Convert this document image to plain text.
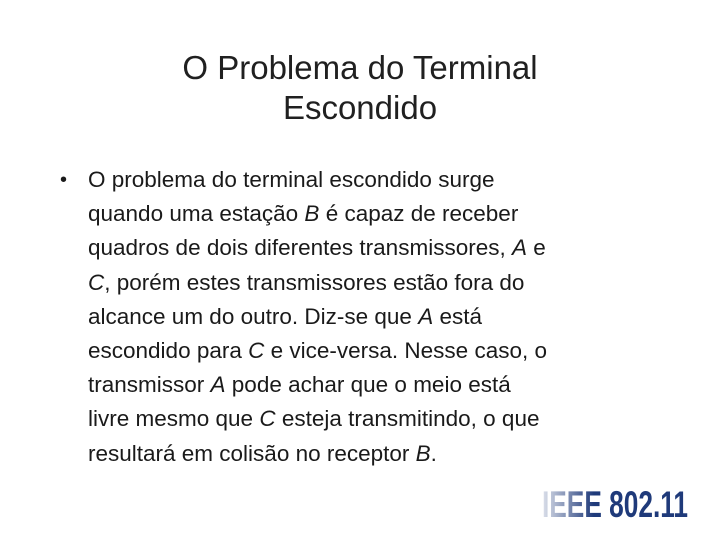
O Problema do Terminal
Escondido
• O problema do terminal escondido surge
quando uma estação B é capaz de receber
quadros de dois diferentes transmissores, A e
C, porém estes transmissores estão fora do
alcance um do outro. Diz-se que A está
escondido para C e vice-versa. Nesse caso, o
transmissor A pode achar que o meio está
livre mesmo que C esteja transmitindo, o que
resultará em colisão no receptor B.
